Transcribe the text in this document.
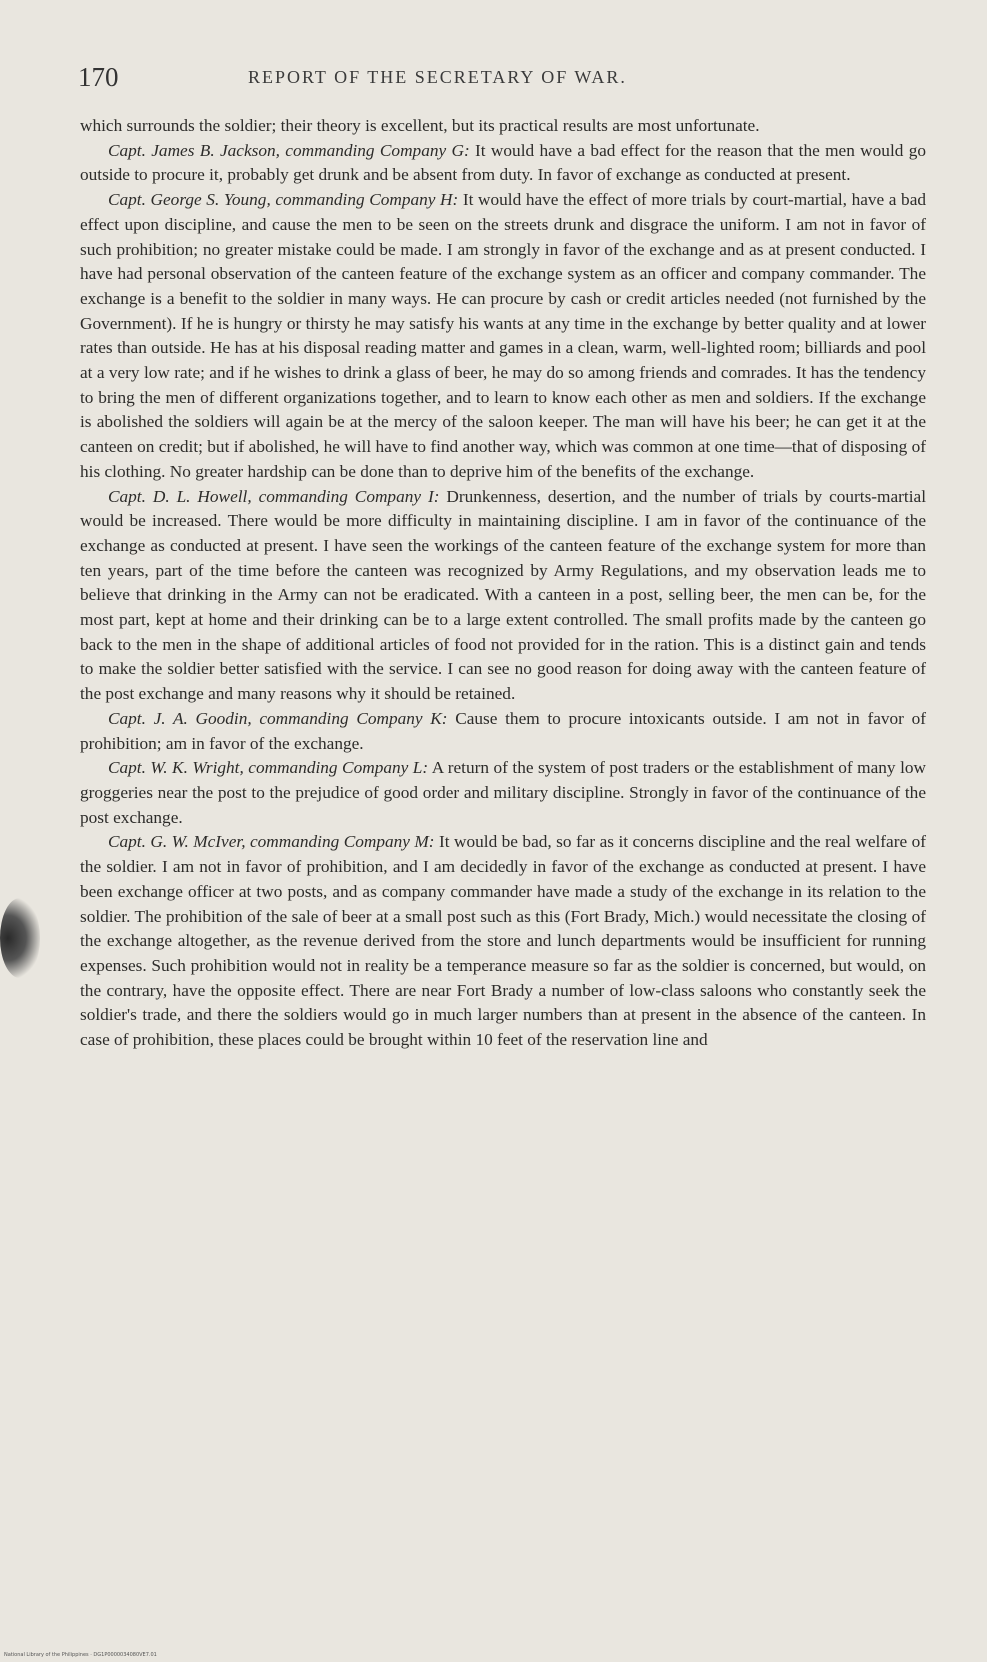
170	REPORT OF THE SECRETARY OF WAR.

which surrounds the soldier; their theory is excellent, but its practical results are most unfortunate.

Capt. James B. Jackson, commanding Company G: It would have a bad effect for the reason that the men would go outside to procure it, probably get drunk and be absent from duty. In favor of exchange as conducted at present.

Capt. George S. Young, commanding Company H: It would have the effect of more trials by court-martial, have a bad effect upon discipline, and cause the men to be seen on the streets drunk and disgrace the uniform. I am not in favor of such prohibition; no greater mistake could be made. I am strongly in favor of the exchange and as at present conducted. I have had personal observation of the canteen feature of the exchange system as an officer and company commander. The exchange is a benefit to the soldier in many ways. He can procure by cash or credit articles needed (not furnished by the Government). If he is hungry or thirsty he may satisfy his wants at any time in the exchange by better quality and at lower rates than outside. He has at his disposal reading matter and games in a clean, warm, well-lighted room; billiards and pool at a very low rate; and if he wishes to drink a glass of beer, he may do so among friends and comrades. It has the tendency to bring the men of different organizations together, and to learn to know each other as men and soldiers. If the exchange is abolished the soldiers will again be at the mercy of the saloon keeper. The man will have his beer; he can get it at the canteen on credit; but if abolished, he will have to find another way, which was common at one time—that of disposing of his clothing. No greater hardship can be done than to deprive him of the benefits of the exchange.

Capt. D. L. Howell, commanding Company I: Drunkenness, desertion, and the number of trials by courts-martial would be increased. There would be more difficulty in maintaining discipline. I am in favor of the continuance of the exchange as conducted at present. I have seen the workings of the canteen feature of the exchange system for more than ten years, part of the time before the canteen was recognized by Army Regulations, and my observation leads me to believe that drinking in the Army can not be eradicated. With a canteen in a post, selling beer, the men can be, for the most part, kept at home and their drinking can be to a large extent controlled. The small profits made by the canteen go back to the men in the shape of additional articles of food not provided for in the ration. This is a distinct gain and tends to make the soldier better satisfied with the service. I can see no good reason for doing away with the canteen feature of the post exchange and many reasons why it should be retained.

Capt. J. A. Goodin, commanding Company K: Cause them to procure intoxicants outside. I am not in favor of prohibition; am in favor of the exchange.

Capt. W. K. Wright, commanding Company L: A return of the system of post traders or the establishment of many low groggeries near the post to the prejudice of good order and military discipline. Strongly in favor of the continuance of the post exchange.

Capt. G. W. McIver, commanding Company M: It would be bad, so far as it concerns discipline and the real welfare of the soldier. I am not in favor of prohibition, and I am decidedly in favor of the exchange as conducted at present. I have been exchange officer at two posts, and as company commander have made a study of the exchange in its relation to the soldier. The prohibition of the sale of beer at a small post such as this (Fort Brady, Mich.) would necessitate the closing of the exchange altogether, as the revenue derived from the store and lunch departments would be insufficient for running expenses. Such prohibition would not in reality be a temperance measure so far as the soldier is concerned, but would, on the contrary, have the opposite effect. There are near Fort Brady a number of low-class saloons who constantly seek the soldier's trade, and there the soldiers would go in much larger numbers than at present in the absence of the canteen. In case of prohibition, these places could be brought within 10 feet of the reservation line and

National Library of the Philippines · DG1P0000034080VE7.01
